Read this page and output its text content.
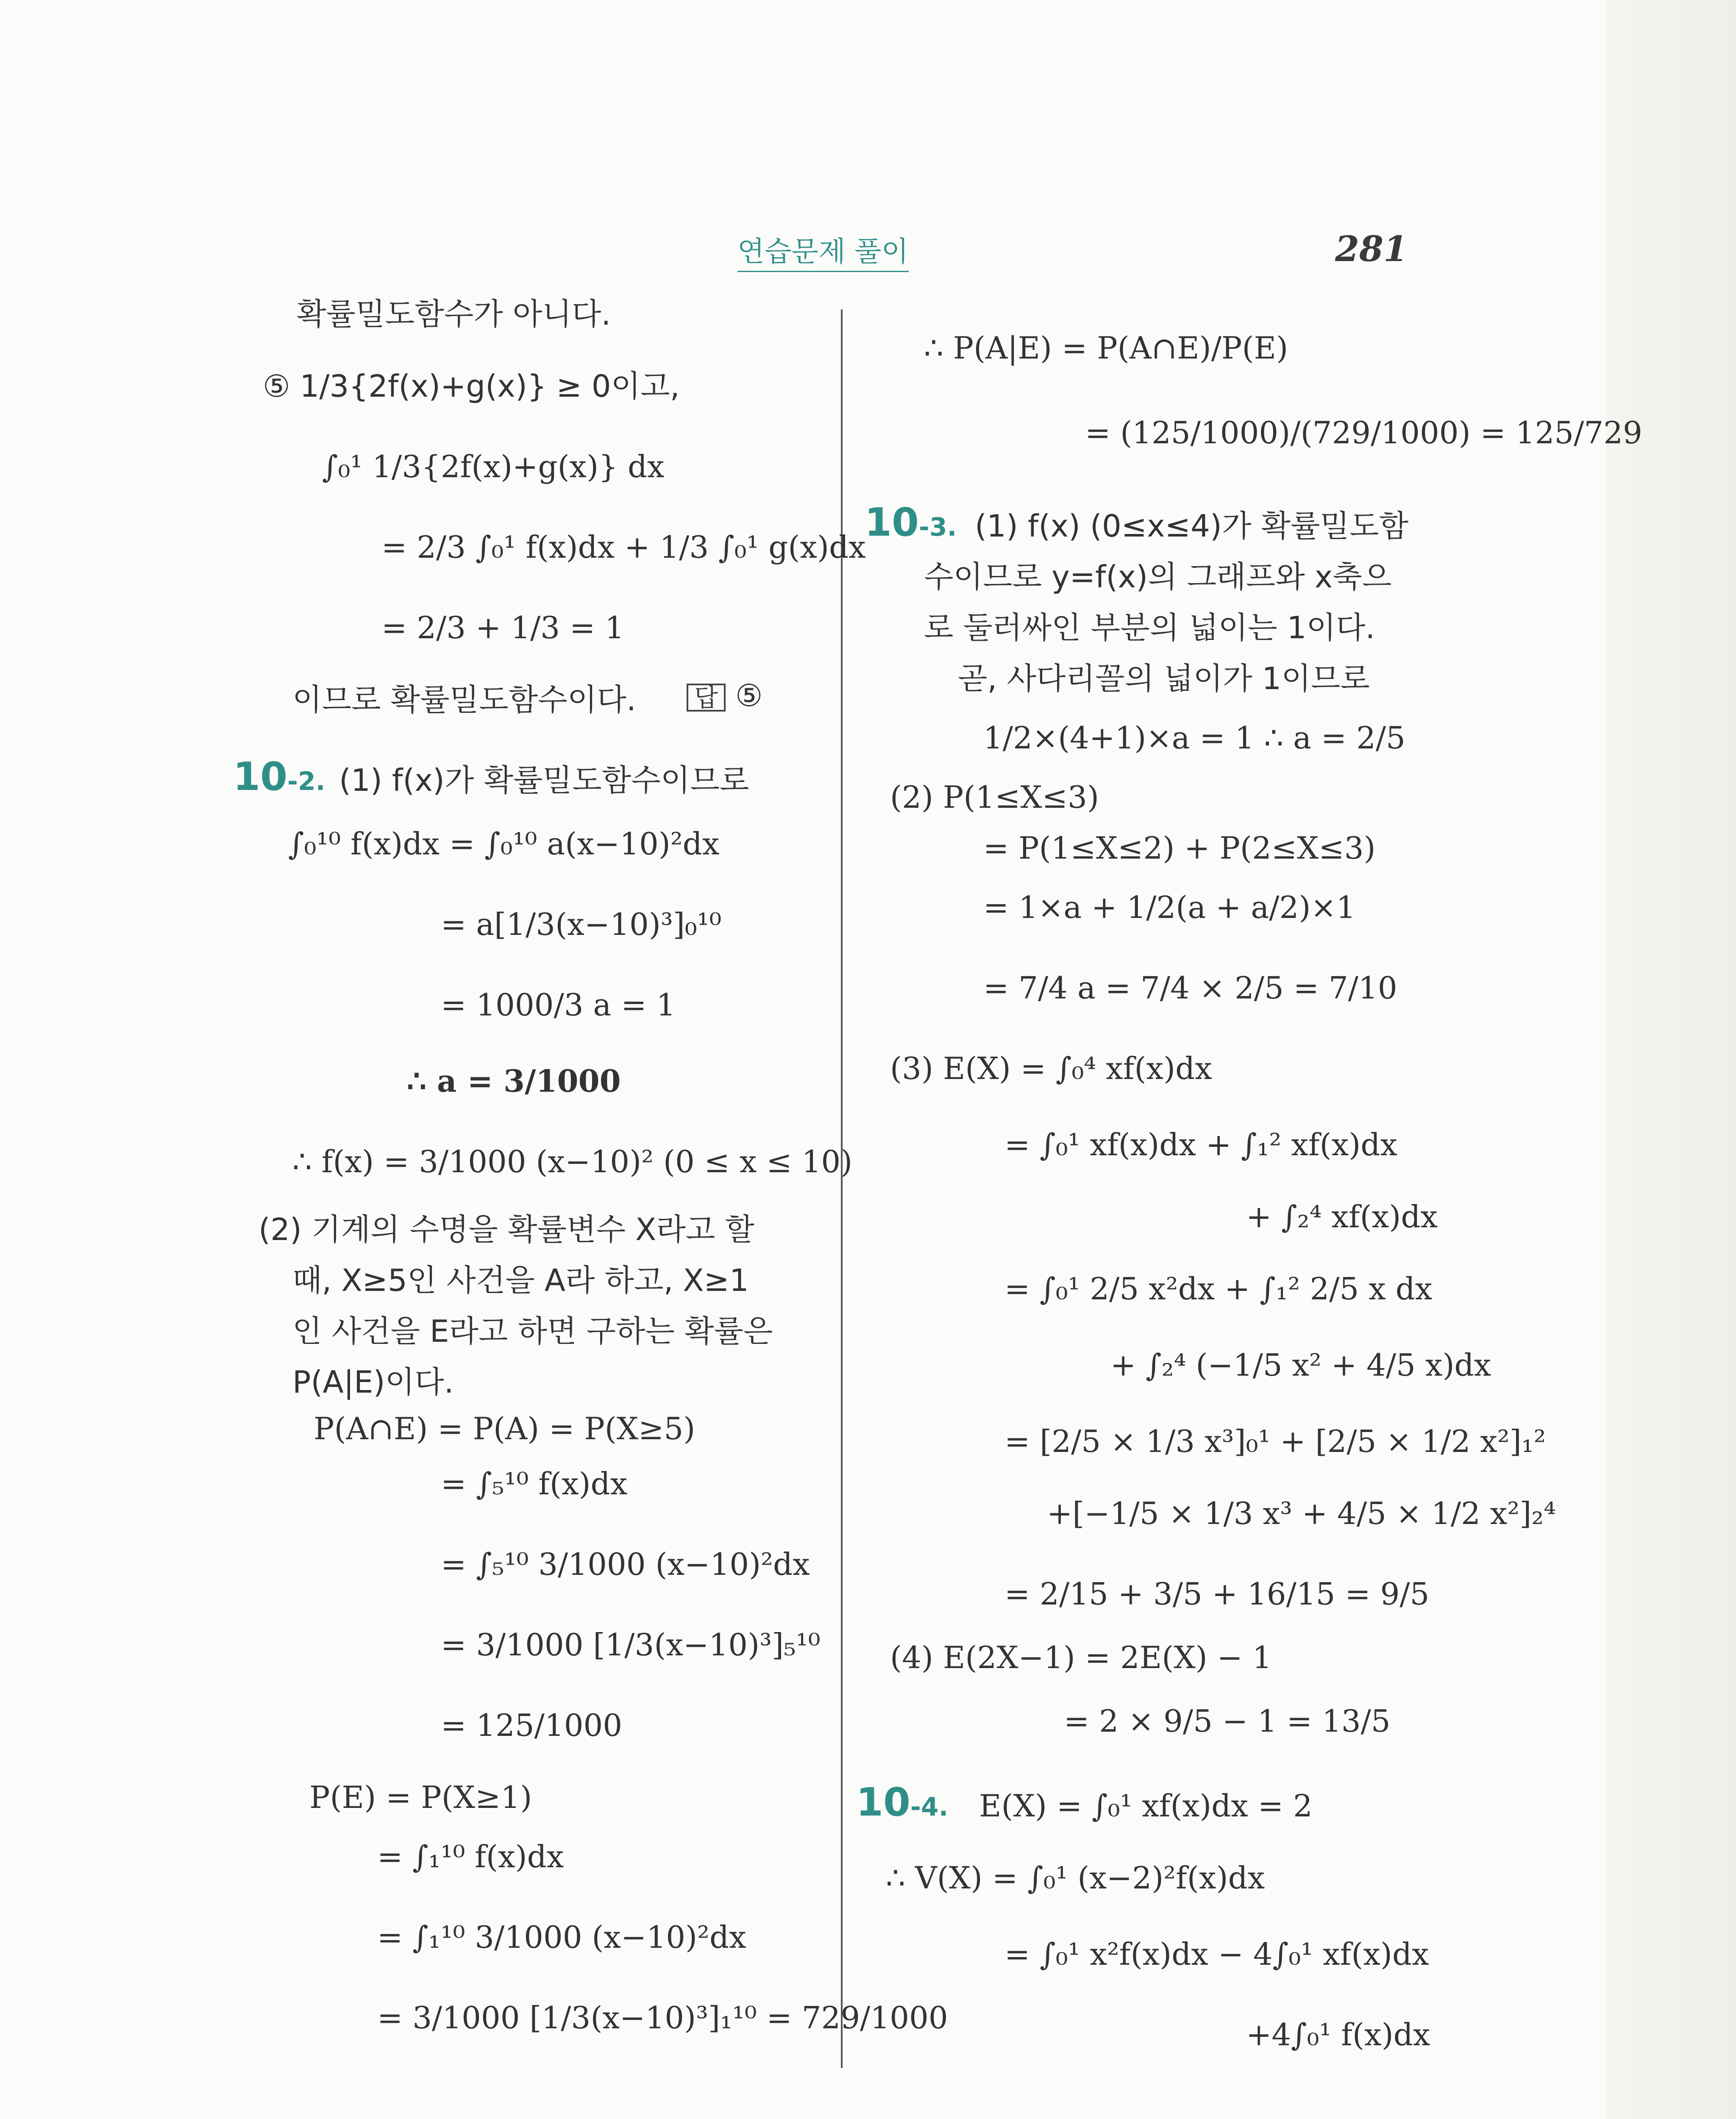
연습문제 풀이	281
확률밀도함수가 아니다.
⑤ 1/3{2f(x)+g(x)} ≥ 0이고,
∫₀¹ 1/3{2f(x)+g(x)} dx
= 2/3 ∫₀¹ f(x)dx + 1/3 ∫₀¹ g(x)dx
= 2/3 + 1/3 = 1
이므로 확률밀도함수이다.
(1) f(x)가 확률밀도함수이므로
∫₀¹⁰ f(x)dx = ∫₀¹⁰ a(x−10)²dx
= a[1/3(x−10)³]₀¹⁰
= 1000/3 a = 1
∴ a = 3/1000
∴ f(x) = 3/1000 (x−10)² (0 ≤ x ≤ 10)
(2) 기계의 수명을 확률변수 X라고 할
때, X≥5인 사건을 A라 하고, X≥1
인 사건을 E라고 하면 구하는 확률은
P(A|E)이다.
P(A∩E) = P(A) = P(X≥5)
= ∫₅¹⁰ f(x)dx
= ∫₅¹⁰ 3/1000 (x−10)²dx
= 3/1000 [1/3(x−10)³]₅¹⁰
= 125/1000
P(E) = P(X≥1)
= ∫₁¹⁰ f(x)dx
= ∫₁¹⁰ 3/1000 (x−10)²dx
= 3/1000 [1/3(x−10)³]₁¹⁰ = 729/1000
∴ P(A|E) = P(A∩E)/P(E)
= (125/1000)/(729/1000) = 125/729
(1) f(x) (0≤x≤4)가 확률밀도함
수이므로 y=f(x)의 그래프와 x축으
로 둘러싸인 부분의 넓이는 1이다.
곧, 사다리꼴의 넓이가 1이므로
1/2×(4+1)×a = 1 ∴ a = 2/5
(2) P(1≤X≤3)
= P(1≤X≤2) + P(2≤X≤3)
= 1×a + 1/2(a + a/2)×1
= 7/4 a = 7/4 × 2/5 = 7/10
(3) E(X) = ∫₀⁴ xf(x)dx
= ∫₀¹ xf(x)dx + ∫₁² xf(x)dx
+ ∫₂⁴ xf(x)dx
= ∫₀¹ 2/5 x²dx + ∫₁² 2/5 x dx
+ ∫₂⁴ (−1/5 x² + 4/5 x)dx
= [2/5 × 1/3 x³]₀¹ + [2/5 × 1/2 x²]₁²
+[−1/5 × 1/3 x³ + 4/5 × 1/2 x²]₂⁴
= 2/15 + 3/5 + 16/15 = 9/5
(4) E(2X−1) = 2E(X) − 1
= 2 × 9/5 − 1 = 13/5
E(X) = ∫₀¹ xf(x)dx = 2
∴ V(X) = ∫₀¹ (x−2)²f(x)dx
= ∫₀¹ x²f(x)dx − 4∫₀¹ xf(x)dx
+4∫₀¹ f(x)dx
10-2.
10-3.
10-4.
답 ⑤
